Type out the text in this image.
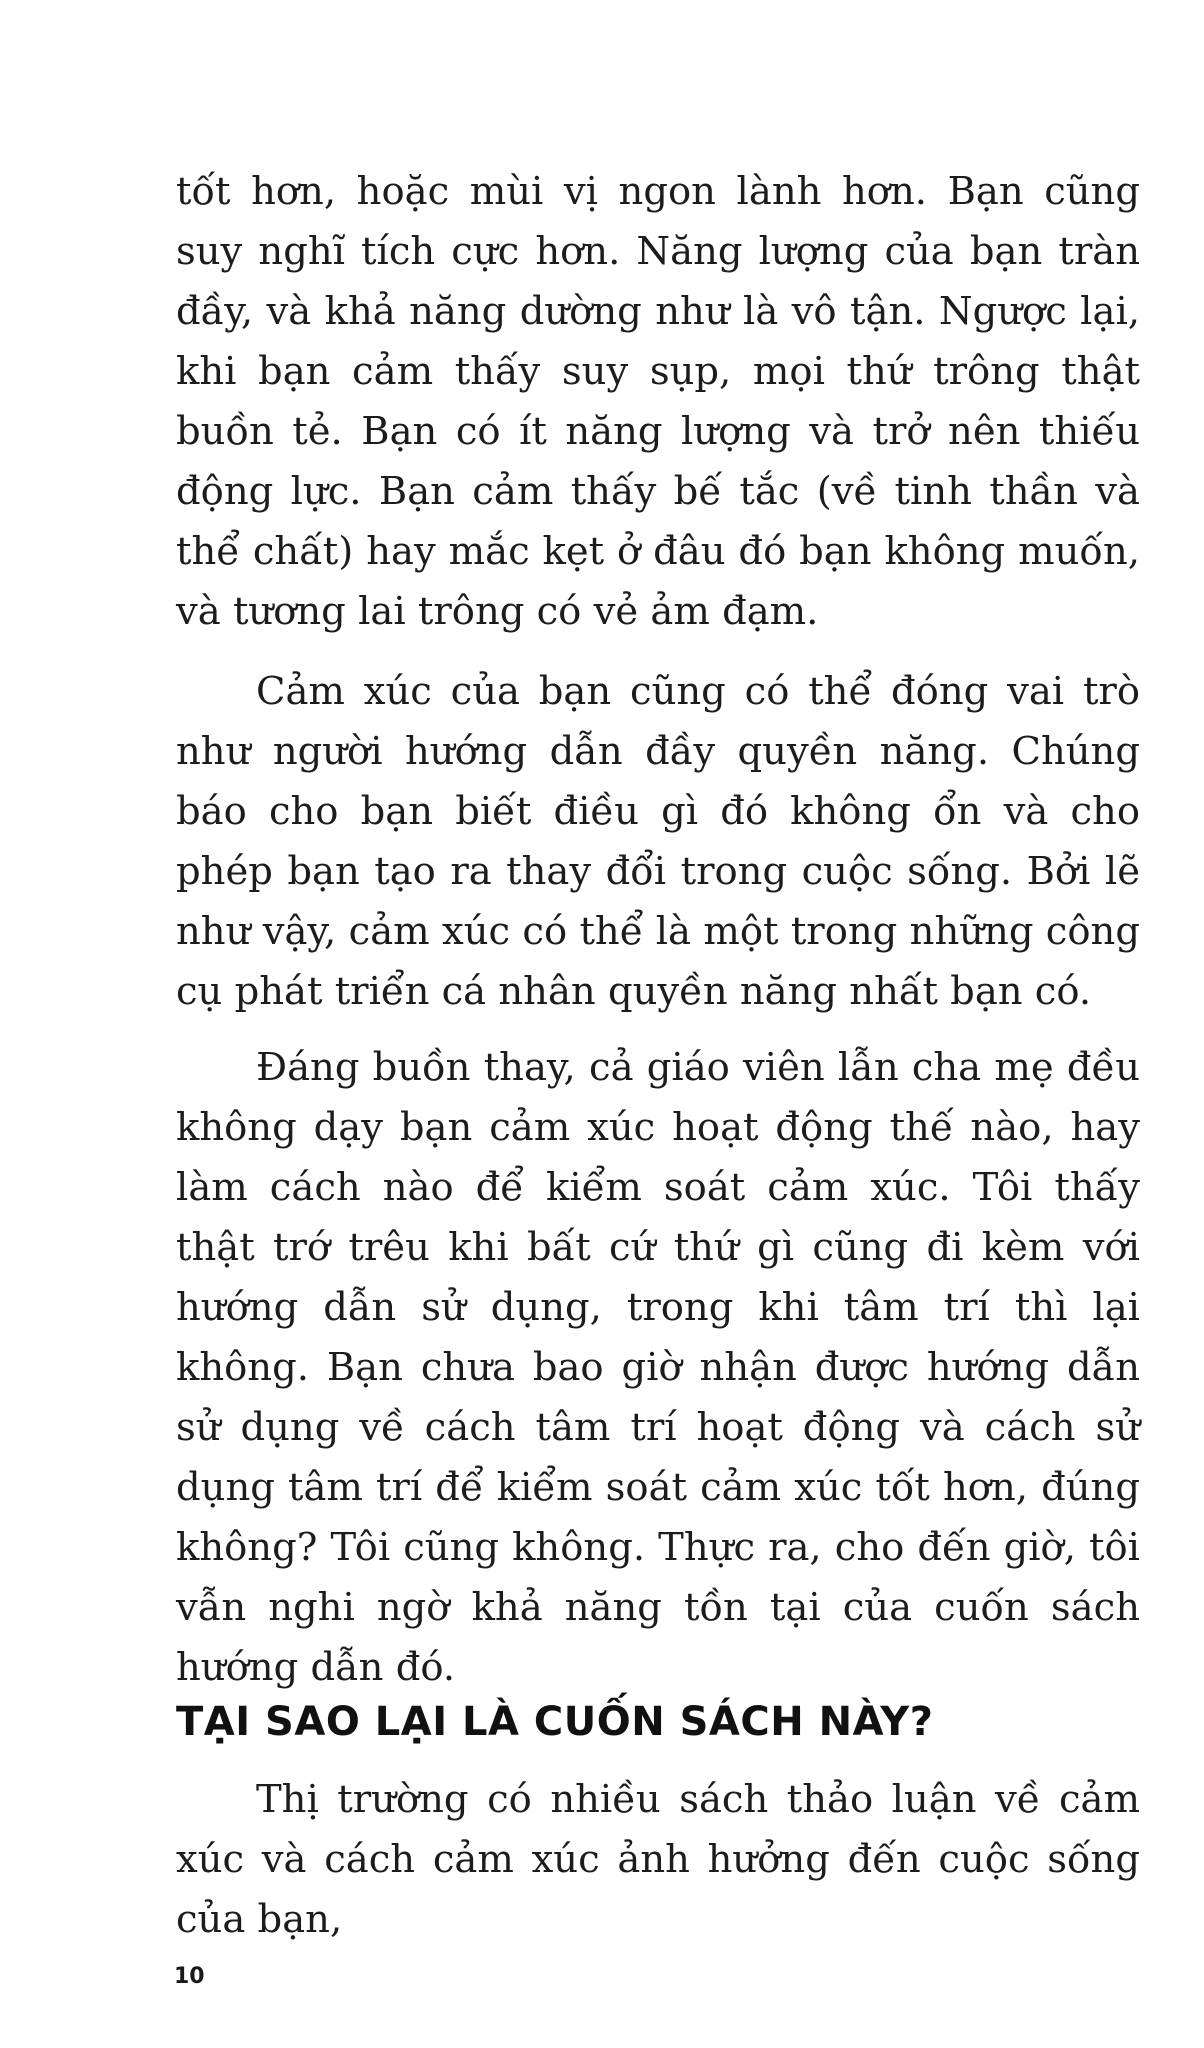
tốt hơn, hoặc mùi vị ngon lành hơn. Bạn cũng suy nghĩ tích cực hơn. Năng lượng của bạn tràn đầy, và khả năng dường như là vô tận. Ngược lại, khi bạn cảm thấy suy sụp, mọi thứ trông thật buồn tẻ. Bạn có ít năng lượng và trở nên thiếu động lực. Bạn cảm thấy bế tắc (về tinh thần và thể chất) hay mắc kẹt ở đâu đó bạn không muốn, và tương lai trông có vẻ ảm đạm.

Cảm xúc của bạn cũng có thể đóng vai trò như người hướng dẫn đầy quyền năng. Chúng báo cho bạn biết điều gì đó không ổn và cho phép bạn tạo ra thay đổi trong cuộc sống. Bởi lẽ như vậy, cảm xúc có thể là một trong những công cụ phát triển cá nhân quyền năng nhất bạn có.

Đáng buồn thay, cả giáo viên lẫn cha mẹ đều không dạy bạn cảm xúc hoạt động thế nào, hay làm cách nào để kiểm soát cảm xúc. Tôi thấy thật trớ trêu khi bất cứ thứ gì cũng đi kèm với hướng dẫn sử dụng, trong khi tâm trí thì lại không. Bạn chưa bao giờ nhận được hướng dẫn sử dụng về cách tâm trí hoạt động và cách sử dụng tâm trí để kiểm soát cảm xúc tốt hơn, đúng không? Tôi cũng không. Thực ra, cho đến giờ, tôi vẫn nghi ngờ khả năng tồn tại của cuốn sách hướng dẫn đó.

TẠI SAO LẠI LÀ CUỐN SÁCH NÀY?

Thị trường có nhiều sách thảo luận về cảm xúc và cách cảm xúc ảnh hưởng đến cuộc sống của bạn,

10
